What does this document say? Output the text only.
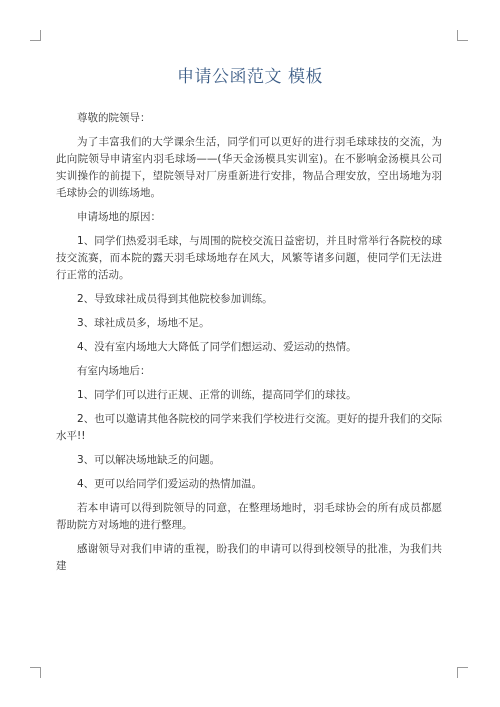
申请公函范文 模板

尊敬的院领导：

为了丰富我们的大学课余生活，同学们可以更好的进行羽毛球球技的交流，为此向院领导申请室内羽毛球场——(华天金汤模具实训室)。在不影响金汤模具公司实训操作的前提下，望院领导对厂房重新进行安排，物品合理安放，空出场地为羽毛球协会的训练场地。

申请场地的原因：

1、同学们热爱羽毛球，与周围的院校交流日益密切，并且时常举行各院校的球技交流赛，而本院的露天羽毛球场地存在风大，风繁等诸多问题，使同学们无法进行正常的活动。

2、导致球社成员得到其他院校参加训练。

3、球社成员多，场地不足。

4、没有室内场地大大降低了同学们想运动、爱运动的热情。

有室内场地后：

1、同学们可以进行正规、正常的训练，提高同学们的球技。

2、也可以邀请其他各院校的同学来我们学校进行交流。更好的提升我们的交际水平!!

3、可以解决场地缺乏的问题。

4、更可以给同学们爱运动的热情加温。

若本申请可以得到院领导的同意，在整理场地时，羽毛球协会的所有成员都愿帮助院方对场地的进行整理。

感谢领导对我们申请的重视，盼我们的申请可以得到校领导的批准，为我们共建
